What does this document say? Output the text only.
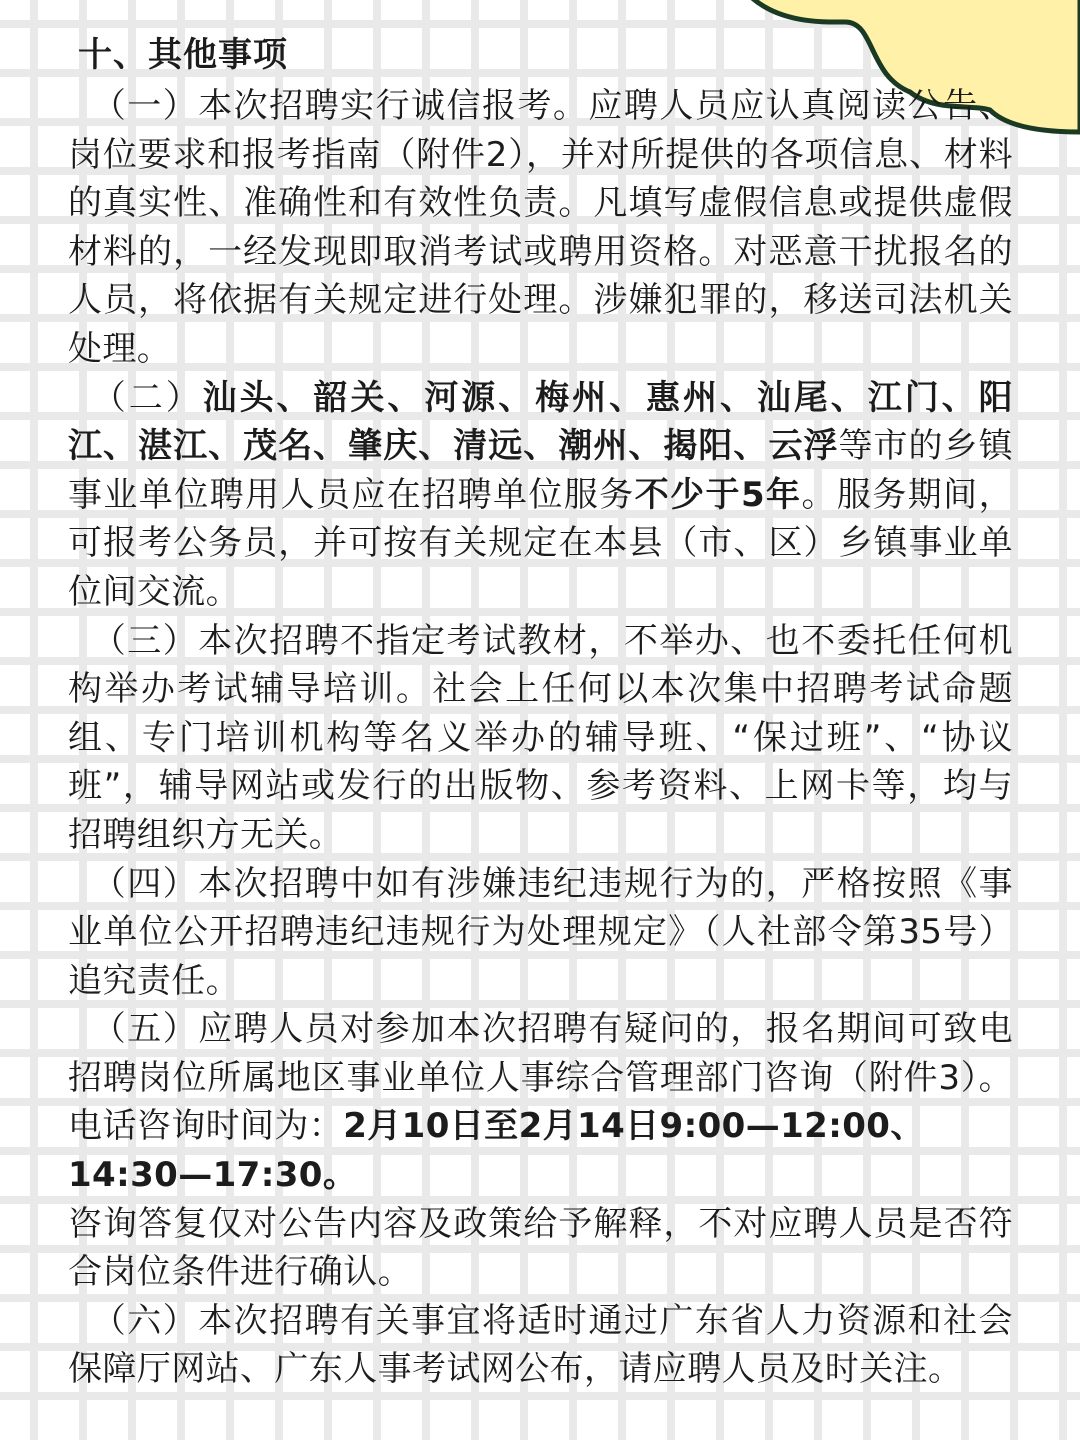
十、其他事项

（一）本次招聘实行诚信报考。应聘人员应认真阅读公告、岗位要求和报考指南（附件2），并对所提供的各项信息、材料的真实性、准确性和有效性负责。凡填写虚假信息或提供虚假材料的，一经发现即取消考试或聘用资格。对恶意干扰报名的人员，将依据有关规定进行处理。涉嫌犯罪的，移送司法机关处理。

（二）汕头、韶关、河源、梅州、惠州、汕尾、江门、阳江、湛江、茂名、肇庆、清远、潮州、揭阳、云浮等市的乡镇事业单位聘用人员应在招聘单位服务不少于5年。服务期间，可报考公务员，并可按有关规定在本县（市、区）乡镇事业单位间交流。

（三）本次招聘不指定考试教材，不举办、也不委托任何机构举办考试辅导培训。社会上任何以本次集中招聘考试命题组、专门培训机构等名义举办的辅导班、“保过班”、“协议班”，辅导网站或发行的出版物、参考资料、上网卡等，均与招聘组织方无关。

（四）本次招聘中如有涉嫌违纪违规行为的，严格按照《事业单位公开招聘违纪违规行为处理规定》（人社部令第35号）追究责任。

（五）应聘人员对参加本次招聘有疑问的，报名期间可致电招聘岗位所属地区事业单位人事综合管理部门咨询（附件3）。电话咨询时间为：2月10日至2月14日9:00—12:00、
14:30—17:30。

咨询答复仅对公告内容及政策给予解释，不对应聘人员是否符合岗位条件进行确认。

（六）本次招聘有关事宜将适时通过广东省人力资源和社会保障厅网站、广东人事考试网公布，请应聘人员及时关注。
